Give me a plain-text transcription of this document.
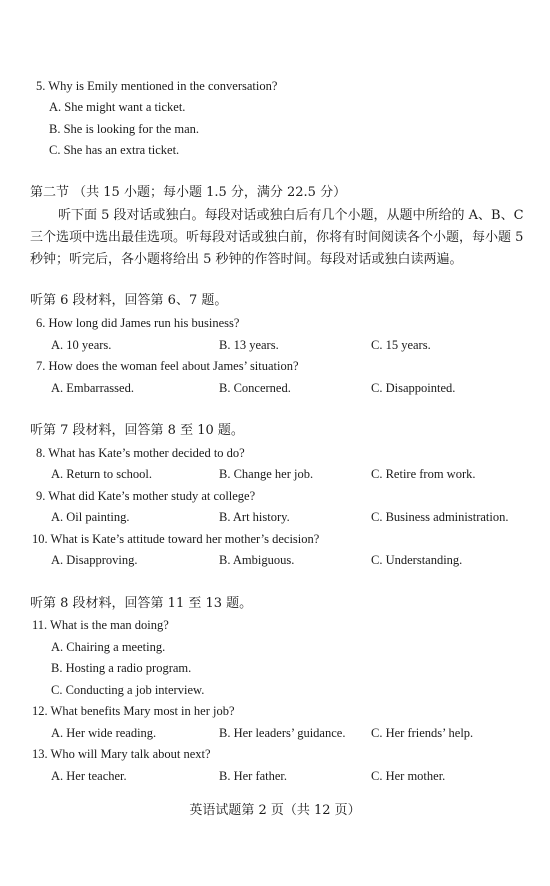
5. Why is Emily mentioned in the conversation?
A. She might want a ticket.
B. She is looking for the man.
C. She has an extra ticket.
第二节 （共 15 小题；每小题 1.5 分，满分 22.5 分）
听下面 5 段对话或独白。每段对话或独白后有几个小题，从题中所给的 A、B、C
三个选项中选出最佳选项。听每段对话或独白前，你将有时间阅读各个小题，每小题 5
秒钟；听完后，各小题将给出 5 秒钟的作答时间。每段对话或独白读两遍。
听第 6 段材料，回答第 6、7 题。
6. How long did James run his business?
A. 10 years.	B. 13 years.	C. 15 years.
7. How does the woman feel about James’ situation?
A. Embarrassed.	B. Concerned.	C. Disappointed.
听第 7 段材料，回答第 8 至 10 题。
8. What has Kate’s mother decided to do?
A. Return to school.	B. Change her job.	C. Retire from work.
9. What did Kate’s mother study at college?
A. Oil painting.	B. Art history.	C. Business administration.
10. What is Kate’s attitude toward her mother’s decision?
A. Disapproving.	B. Ambiguous.	C. Understanding.
听第 8 段材料，回答第 11 至 13 题。
11. What is the man doing?
A. Chairing a meeting.
B. Hosting a radio program.
C. Conducting a job interview.
12. What benefits Mary most in her job?
A. Her wide reading.	B. Her leaders’ guidance. C. Her friends’ help.
13. Who will Mary talk about next?
A. Her teacher.	B. Her father.	C. Her mother.
英语试题第 2 页（共 12 页）
